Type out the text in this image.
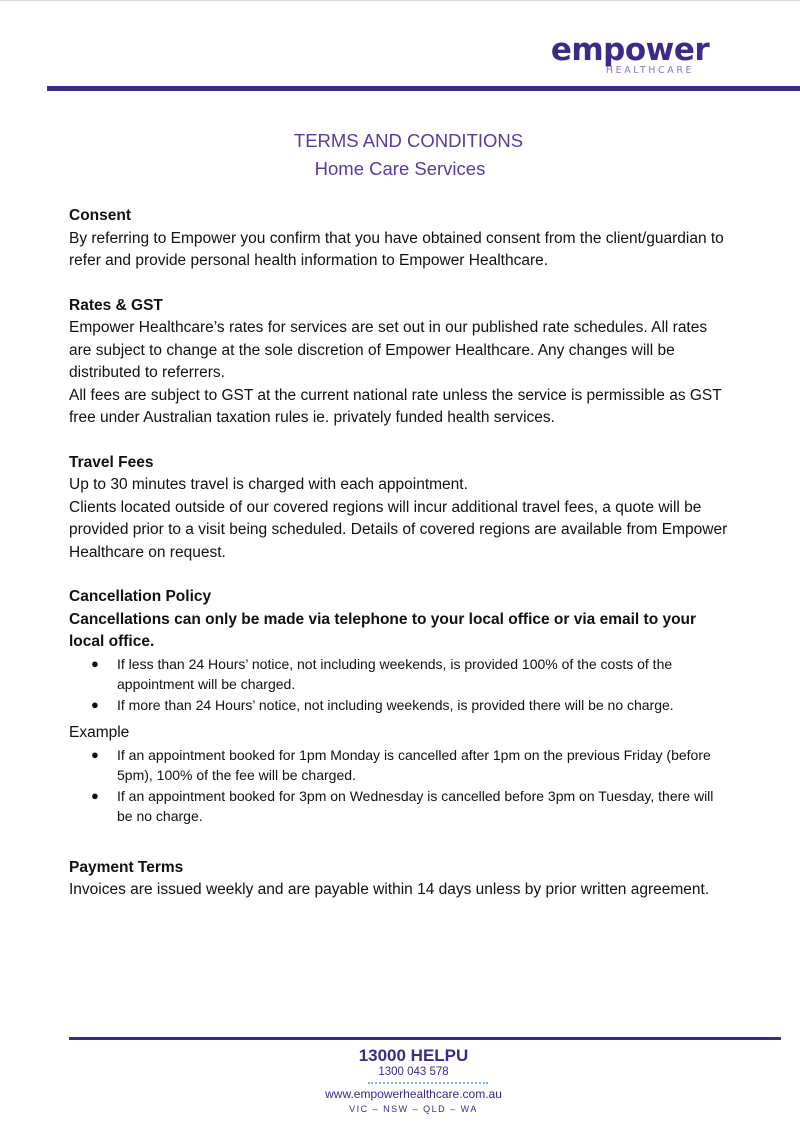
empower
HEALTHCARE
TERMS AND CONDITIONS
Home Care Services

Consent

By referring to Empower you confirm that you have obtained consent from the client/guardian to refer and provide personal health information to Empower Healthcare.

Rates & GST

Empower Healthcare’s rates for services are set out in our published rate schedules. All rates are subject to change at the sole discretion of Empower Healthcare. Any changes will be distributed to referrers.

All fees are subject to GST at the current national rate unless the service is permissible as GST free under Australian taxation rules ie. privately funded health services.

Travel Fees

Up to 30 minutes travel is charged with each appointment.

Clients located outside of our covered regions will incur additional travel fees, a quote will be provided prior to a visit being scheduled. Details of covered regions are available from Empower Healthcare on request.

Cancellation Policy

Cancellations can only be made via telephone to your local office or via email to your local office.

● If less than 24 Hours’ notice, not including weekends, is provided 100% of the costs of the appointment will be charged.
● If more than 24 Hours’ notice, not including weekends, is provided there will be no charge.

Example

● If an appointment booked for 1pm Monday is cancelled after 1pm on the previous Friday (before 5pm), 100% of the fee will be charged.
● If an appointment booked for 3pm on Wednesday is cancelled before 3pm on Tuesday, there will be no charge.

Payment Terms

Invoices are issued weekly and are payable within 14 days unless by prior written agreement.

13000 HELPU
1300 043 578
www.empowerhealthcare.com.au
VIC – NSW – QLD – WA
